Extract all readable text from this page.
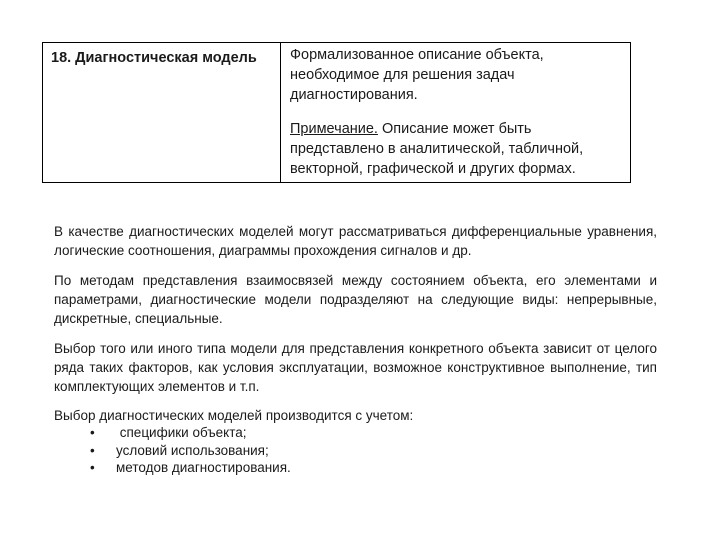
18. Диагностическая модель	Формализованное описание объекта, необходимое для решения задач диагностирования.

Примечание. Описание может быть представлено в аналитической, табличной, векторной, графической и других формах.

В качестве диагностических моделей могут рассматриваться дифференциальные уравнения, логические соотношения, диаграммы прохождения сигналов и др.

По методам представления взаимосвязей между состоянием объекта, его элементами и параметрами, диагностические модели подразделяют на следующие виды: непрерывные, дискретные, специальные.

Выбор того или иного типа модели для представления конкретного объекта зависит от целого ряда таких факторов, как условия эксплуатации, возможное конструктивное выполнение, тип комплектующих элементов и т.п.

Выбор диагностических моделей производится с учетом:

•	специфики объекта;
•	условий использования;
•	методов диагностирования.
